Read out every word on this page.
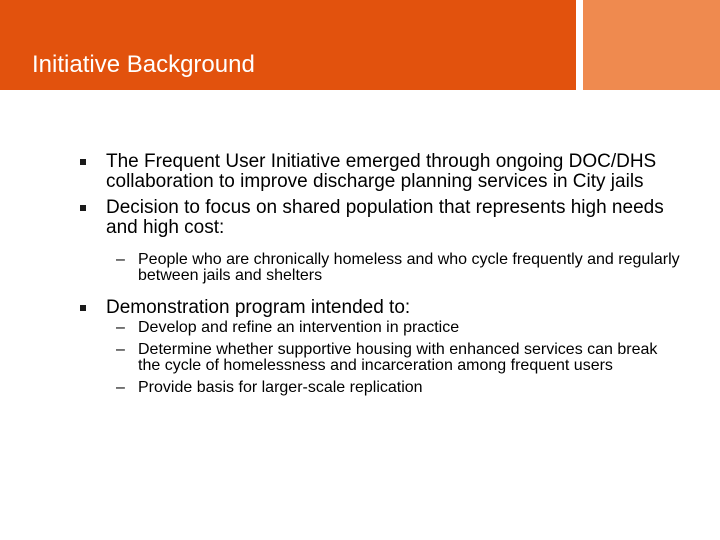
Initiative Background
The Frequent User Initiative emerged through ongoing DOC/DHS collaboration to improve discharge planning services in City jails
Decision to focus on shared population that represents high needs and high cost:
– People who are chronically homeless and who cycle frequently and regularly between jails and shelters
Demonstration program intended to:
– Develop and refine an intervention in practice
– Determine whether supportive housing with enhanced services can break the cycle of homelessness and incarceration among frequent users
– Provide basis for larger-scale replication
